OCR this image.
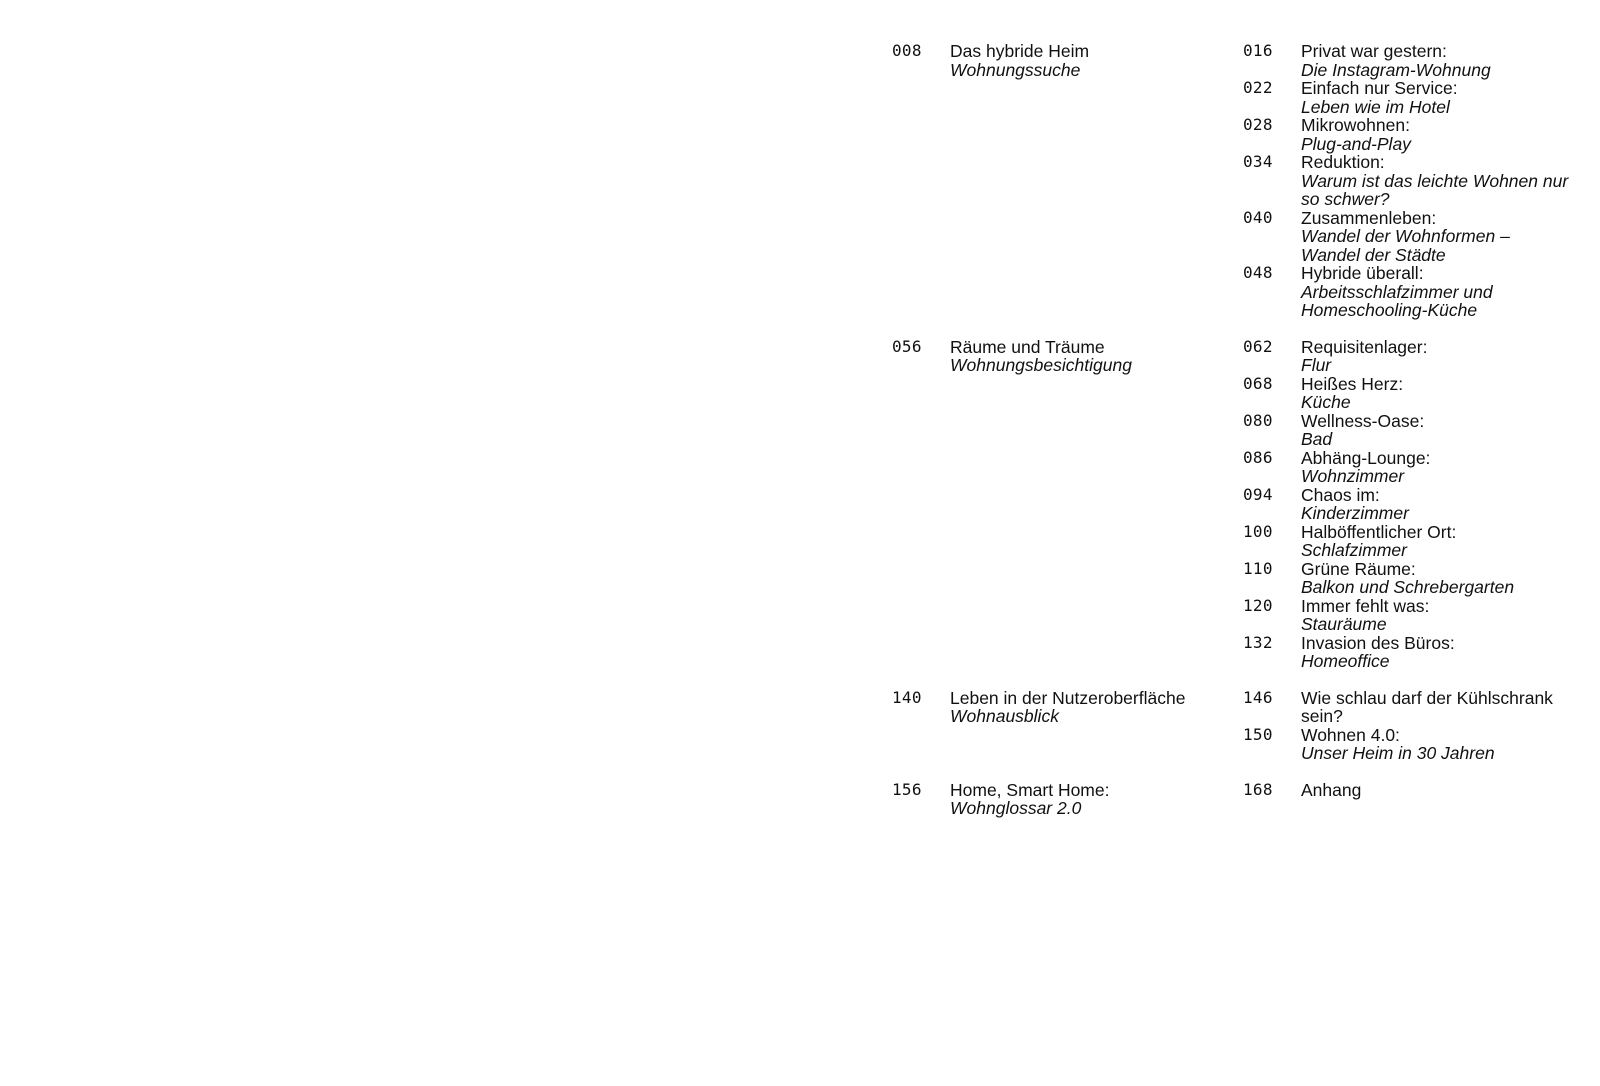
008	Das hybride Heim
Wohnungssuche
016	Privat war gestern:
Die Instagram-Wohnung
022	Einfach nur Service:
Leben wie im Hotel
028	Mikrowohnen:
Plug-and-Play
034	Reduktion:
Warum ist das leichte Wohnen nur so schwer?
040	Zusammenleben:
Wandel der Wohnformen – Wandel der Städte
048	Hybride überall:
Arbeitsschlafzimmer und Homeschooling-Küche
056	Räume und Träume
Wohnungsbesichtigung
062	Requisitenlager:
Flur
068	Heißes Herz:
Küche
080	Wellness-Oase:
Bad
086	Abhäng-Lounge:
Wohnzimmer
094	Chaos im:
Kinderzimmer
100	Halböffentlicher Ort:
Schlafzimmer
110	Grüne Räume:
Balkon und Schrebergarten
120	Immer fehlt was:
Stauräume
132	Invasion des Büros:
Homeoffice
140	Leben in der Nutzeroberfläche
Wohnausblick
146	Wie schlau darf der Kühlschrank sein?
150	Wohnen 4.0:
Unser Heim in 30 Jahren
156	Home, Smart Home:
Wohnglossar 2.0
168	Anhang
